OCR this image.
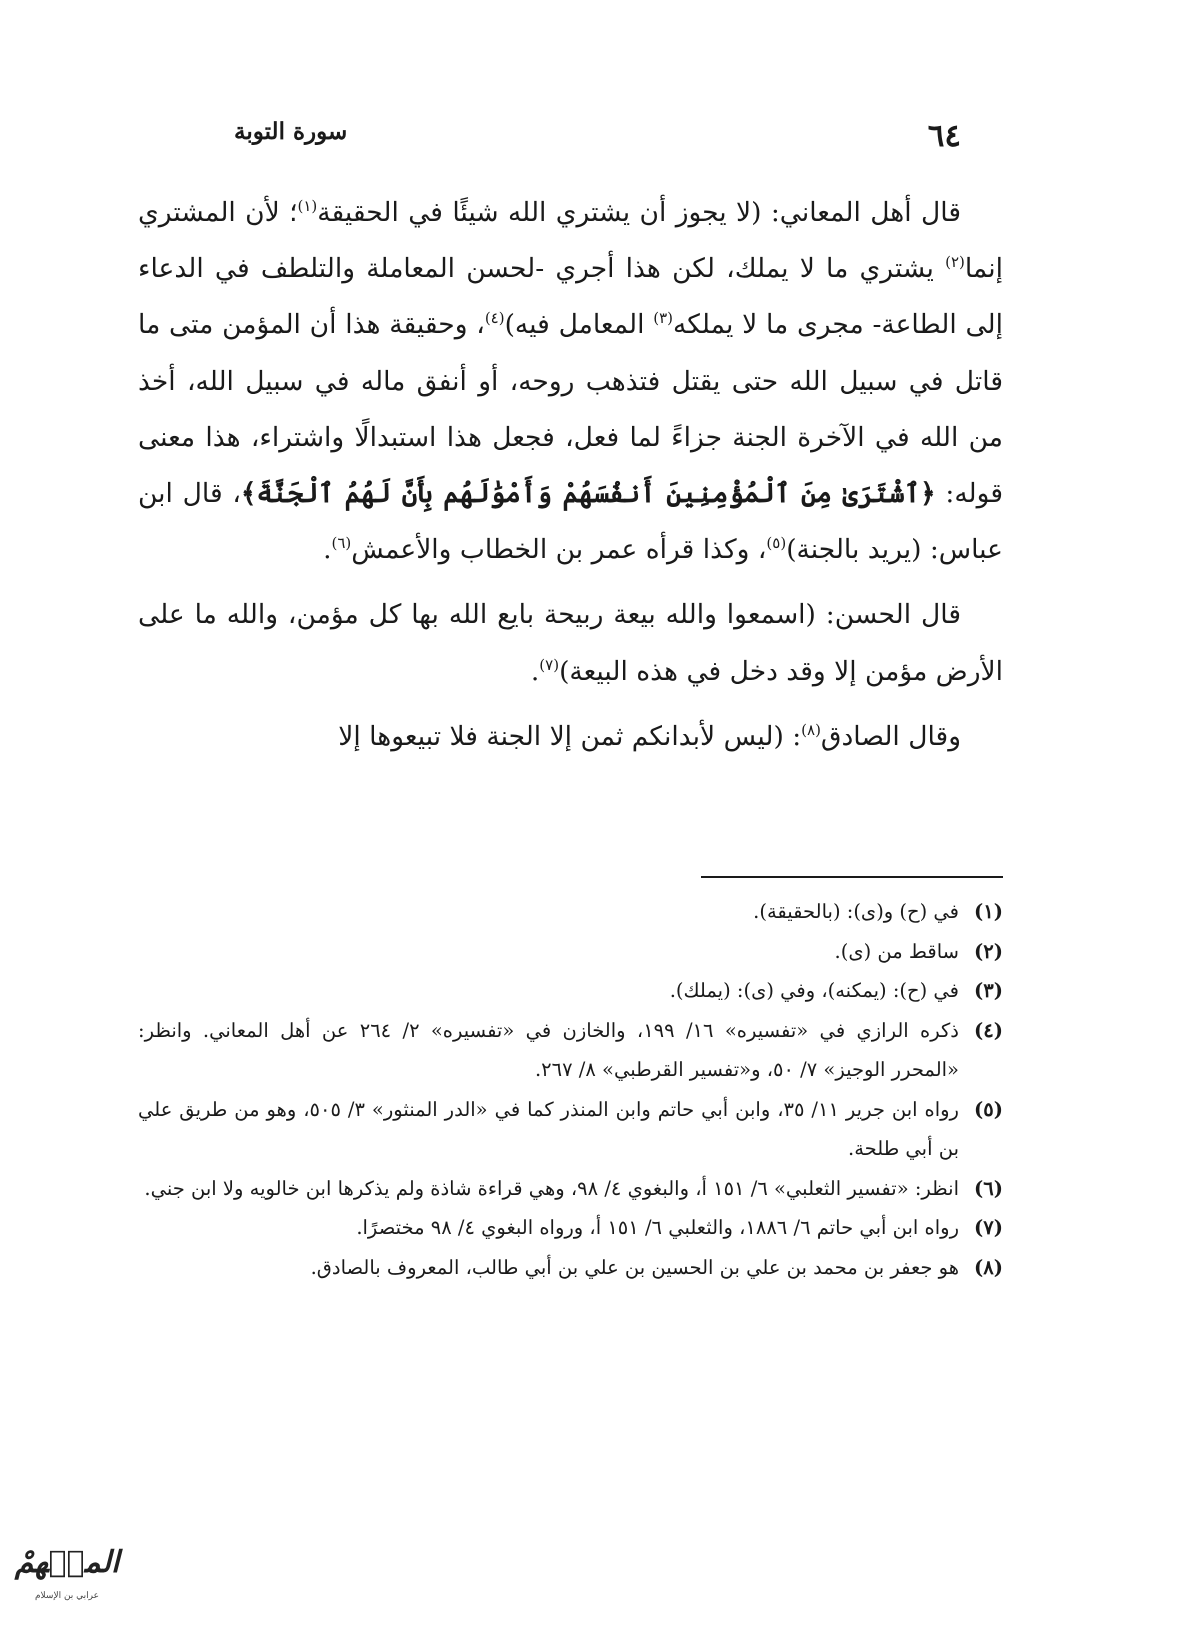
٦٤
سورة التوبة

قال أهل المعاني: (لا يجوز أن يشتري الله شيئًا في الحقيقة$^{(١)}$؛ لأن المشتري إنما$^{(٢)}$ يشتري ما لا يملك، لكن هذا أجري -لحسن المعاملة والتلطف في الدعاء إلى الطاعة- مجرى ما لا يملكه$^{(٣)}$ المعامل فيه)$^{(٤)}$، وحقيقة هذا أن المؤمن متى ما قاتل في سبيل الله حتى يقتل فتذهب روحه، أو أنفق ماله في سبيل الله، أخذ من الله في الآخرة الجنة جزاءً لما فعل، فجعل هذا استبدالًا واشتراء، هذا معنى قوله: ﴿ٱشْتَرَىٰ مِنَ ٱلْمُؤْمِنِينَ أَنفُسَهُمْ وَأَمْوَٰلَهُم بِأَنَّ لَهُمُ ٱلْجَنَّةَ﴾، قال ابن عباس: (يريد بالجنة)$^{(٥)}$، وكذا قرأه عمر بن الخطاب والأعمش$^{(٦)}$.

قال الحسن: (اسمعوا والله بيعة ربيحة بايع الله بها كل مؤمن، والله ما على الأرض مؤمن إلا وقد دخل في هذه البيعة)$^{(٧)}$.

وقال الصادق$^{(٨)}$: (ليس لأبدانكم ثمن إلا الجنة فلا تبيعوها إلا

(١)
في (ح) و(ى): (بالحقيقة).
(٢)
ساقط من (ى).
(٣)
في (ح): (يمكنه)، وفي (ى): (يملك).
(٤)
ذكره الرازي في «تفسيره» ١٦/ ١٩٩، والخازن في «تفسيره» ٢/ ٢٦٤ عن أهل المعاني. وانظر: «المحرر الوجيز» ٧/ ٥٠، و«تفسير القرطبي» ٨/ ٢٦٧.
(٥)
رواه ابن جرير ١١/ ٣٥، وابن أبي حاتم وابن المنذر كما في «الدر المنثور» ٣/ ٥٠٥، وهو من طريق علي بن أبي طلحة.
(٦)
انظر: «تفسير الثعلبي» ٦/ ١٥١ أ، والبغوي ٤/ ٩٨، وهي قراءة شاذة ولم يذكرها ابن خالويه ولا ابن جني.
(٧)
رواه ابن أبي حاتم ٦/ ١٨٨٦، والثعلبي ٦/ ١٥١ أ، ورواه البغوي ٤/ ٩٨ مختصرًا.
(٨)
هو جعفر بن محمد بن علي بن الحسين بن علي بن أبي طالب، المعروف بالصادق.
المسۤهمْ
عرابي بن الإسلام
